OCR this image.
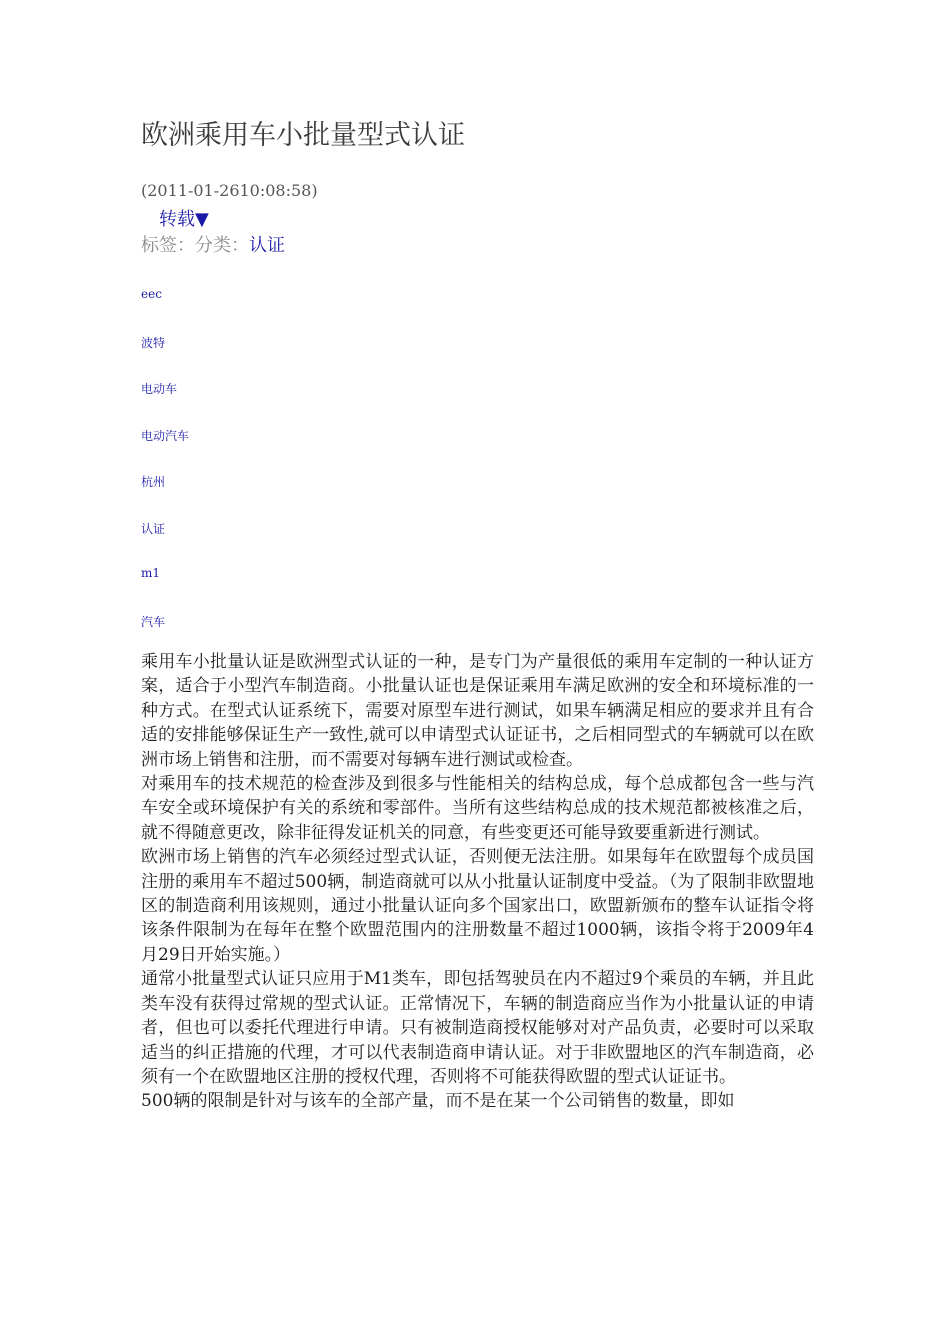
欧洲乘用车小批量型式认证
(2011-01-2610:08:58)
转载▼
标签：分类：认证
eec
波特
电动车
电动汽车
杭州
认证
m1
汽车

乘用车小批量认证是欧洲型式认证的一种，是专门为产量很低的乘用车定制的一种认证方案，适合于小型汽车制造商。小批量认证也是保证乘用车满足欧洲的安全和环境标准的一种方式。在型式认证系统下，需要对原型车进行测试，如果车辆满足相应的要求并且有合适的安排能够保证生产一致性,就可以申请型式认证证书，之后相同型式的车辆就可以在欧洲市场上销售和注册，而不需要对每辆车进行测试或检查。

对乘用车的技术规范的检查涉及到很多与性能相关的结构总成，每个总成都包含一些与汽车安全或环境保护有关的系统和零部件。当所有这些结构总成的技术规范都被核准之后，就不得随意更改，除非征得发证机关的同意，有些变更还可能导致要重新进行测试。

欧洲市场上销售的汽车必须经过型式认证，否则便无法注册。如果每年在欧盟每个成员国注册的乘用车不超过500辆，制造商就可以从小批量认证制度中受益。（为了限制非欧盟地区的制造商利用该规则，通过小批量认证向多个国家出口，欧盟新颁布的整车认证指令将该条件限制为在每年在整个欧盟范围内的注册数量不超过1000辆，该指令将于2009年4月29日开始实施。）

通常小批量型式认证只应用于M1类车，即包括驾驶员在内不超过9个乘员的车辆，并且此类车没有获得过常规的型式认证。正常情况下，车辆的制造商应当作为小批量认证的申请者，但也可以委托代理进行申请。只有被制造商授权能够对对产品负责，必要时可以采取适当的纠正措施的代理，才可以代表制造商申请认证。对于非欧盟地区的汽车制造商，必须有一个在欧盟地区注册的授权代理，否则将不可能获得欧盟的型式认证证书。

500辆的限制是针对与该车的全部产量，而不是在某一个公司销售的数量，即如
